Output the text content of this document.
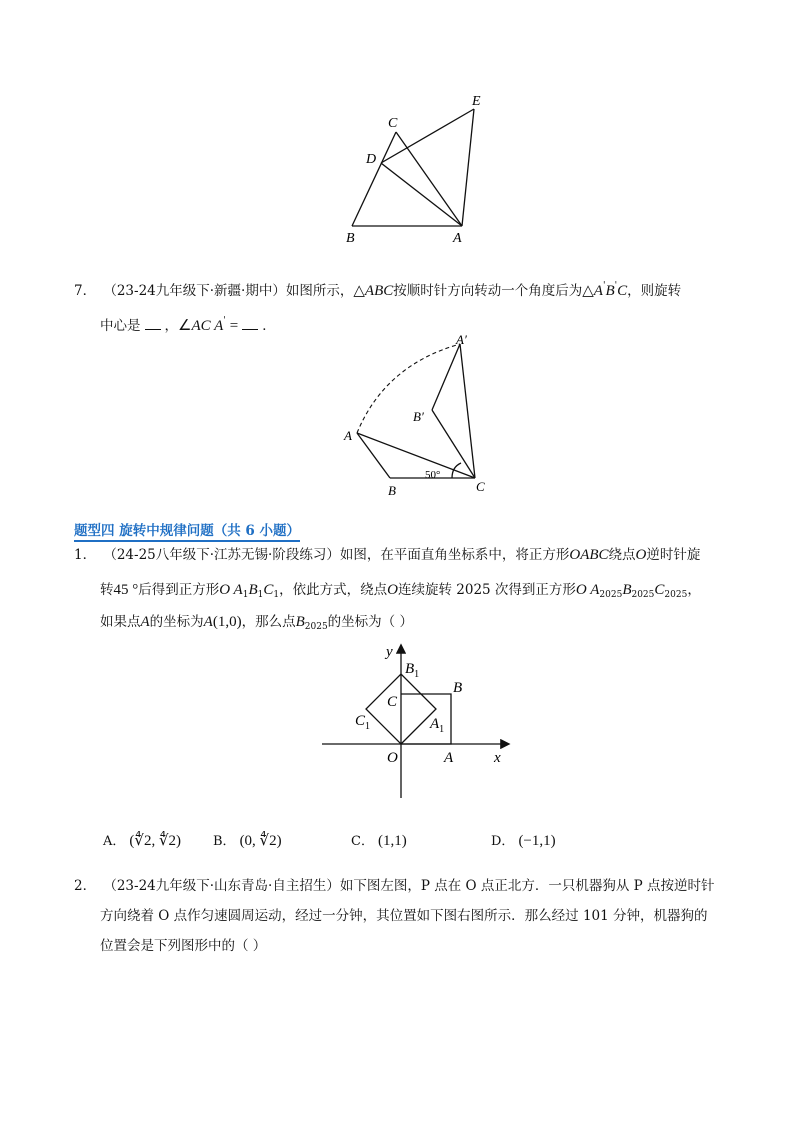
C
E
D
B	A
7． （23-24九年级下·新疆·期中）如图所示，△ABC按顺时针方向转动一个角度后为△A'B'C，则旋转
中心是 ，∠AC A' = ．
A′
B′
A
B	C
50°
题型四 旋转中规律问题（共 6 小题）
1． （24-25八年级下·江苏无锡·阶段练习）如图，在平面直角坐标系中，将正方形OABC绕点O逆时针旋
转45 °后得到正方形O $A_1B_1C_1$，依此方式，绕点O连续旋转 2025 次得到正方形O $A_{2025}B_{2025}C_{2025}$，
如果点A的坐标为A(1,0)，那么点$B_{2025}$的坐标为（ ）
y
$B_1$
B
C
$C_1$	$A_1$
O	A	x
A． (∜2, ∜2) B． (0, ∜2)	C． (1,1)	D． (−1,1)
2． （23-24九年级下·山东青岛·自主招生）如下图左图，P 点在 O 点正北方．一只机器狗从 P 点按逆时针
方向绕着 O 点作匀速圆周运动，经过一分钟，其位置如下图右图所示．那么经过 101 分钟，机器狗的
位置会是下列图形中的（ ）
